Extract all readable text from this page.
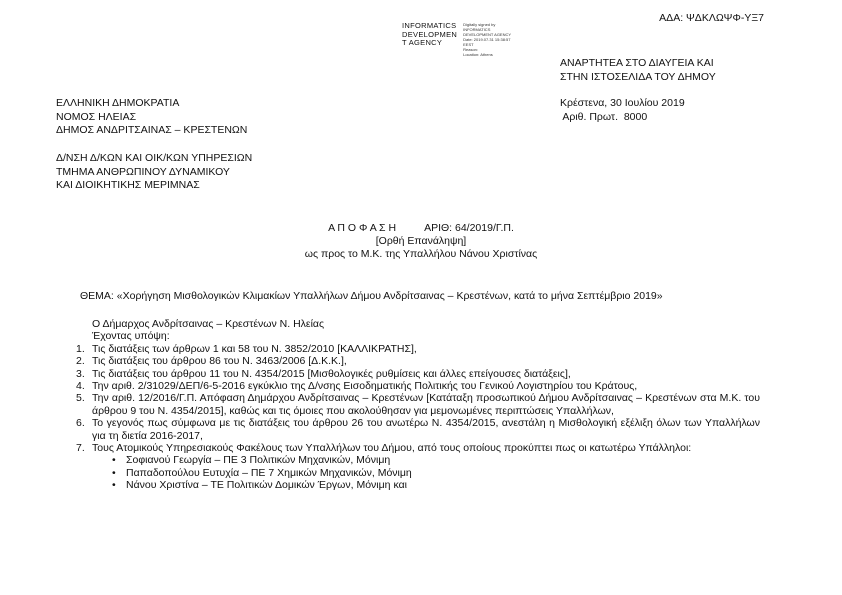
ΑΔΑ: ΨΔΚΛΩΨΦ-ΥΞ7
INFORMATICS
DEVELOPMEN
T AGENCY
Digitally signed by
INFORMATICS
DEVELOPMENT AGENCY
Date: 2019.07.31 15:38:57
EEST
Reason:
Location: Athens
ΑΝΑΡΤΗΤΕΑ ΣΤΟ ΔΙΑΥΓΕΙΑ ΚΑΙ
ΣΤΗΝ ΙΣΤΟΣΕΛΙΔΑ ΤΟΥ ΔΗΜΟΥ
ΕΛΛΗΝΙΚΗ ΔΗΜΟΚΡΑΤΙΑ
ΝΟΜΟΣ ΗΛΕΙΑΣ
ΔΗΜΟΣ ΑΝΔΡΙΤΣΑΙΝΑΣ – ΚΡΕΣΤΕΝΩΝ
Κρέστενα, 30 Ιουλίου 2019
Αριθ. Πρωτ.  8000
Δ/ΝΣΗ Δ/ΚΩΝ ΚΑΙ ΟΙΚ/ΚΩΝ ΥΠΗΡΕΣΙΩΝ
ΤΜΗΜΑ ΑΝΘΡΩΠΙΝΟΥ ΔΥΝΑΜΙΚΟΥ
ΚΑΙ ΔΙΟΙΚΗΤΙΚΗΣ ΜΕΡΙΜΝΑΣ
Α Π Ο Φ Α Σ Η	ΑΡΙΘ: 64/2019/Γ.Π.
[Ορθή Επανάληψη]
ως προς το Μ.Κ. της Υπαλλήλου Νάνου Χριστίνας
ΘΕΜΑ: «Χορήγηση Μισθολογικών Κλιμακίων Υπαλλήλων Δήμου Ανδρίτσαινας – Κρεστένων, κατά το μήνα Σεπτέμβριο 2019»
Ο Δήμαρχος Ανδρίτσαινας – Κρεστένων Ν. Ηλείας
Έχοντας υπόψη:
1. Τις διατάξεις των άρθρων 1 και 58 του Ν. 3852/2010 [ΚΑΛΛΙΚΡΑΤΗΣ],
2. Τις διατάξεις του άρθρου 86 του Ν. 3463/2006 [Δ.Κ.Κ.],
3. Τις διατάξεις του άρθρου 11 του Ν. 4354/2015 [Μισθολογικές ρυθμίσεις και άλλες επείγουσες διατάξεις],
4. Την αριθ. 2/31029/ΔΕΠ/6-5-2016 εγκύκλιο της Δ/νσης Εισοδηματικής Πολιτικής του Γενικού Λογιστηρίου του Κράτους,
5. Την αριθ. 12/2016/Γ.Π. Απόφαση Δημάρχου Ανδρίτσαινας – Κρεστένων [Κατάταξη προσωπικού Δήμου Ανδρίτσαινας – Κρεστένων στα Μ.Κ. του άρθρου 9 του Ν. 4354/2015], καθώς και τις όμοιες που ακολούθησαν για μεμονωμένες περιπτώσεις Υπαλλήλων,
6. Το γεγονός πως σύμφωνα με τις διατάξεις του άρθρου 26 του ανωτέρω Ν. 4354/2015, ανεστάλη η Μισθολογική εξέλιξη όλων των Υπαλλήλων για τη διετία 2016-2017,
7. Τους Ατομικούς Υπηρεσιακούς Φακέλους των Υπαλλήλων του Δήμου, από τους οποίους προκύπτει πως οι κατωτέρω Υπάλληλοι:
• Σοφιανού Γεωργία – ΠΕ 3 Πολιτικών Μηχανικών, Μόνιμη
• Παπαδοπούλου Ευτυχία – ΠΕ 7 Χημικών Μηχανικών, Μόνιμη
• Νάνου Χριστίνα – ΤΕ Πολιτικών Δομικών Έργων, Μόνιμη και
